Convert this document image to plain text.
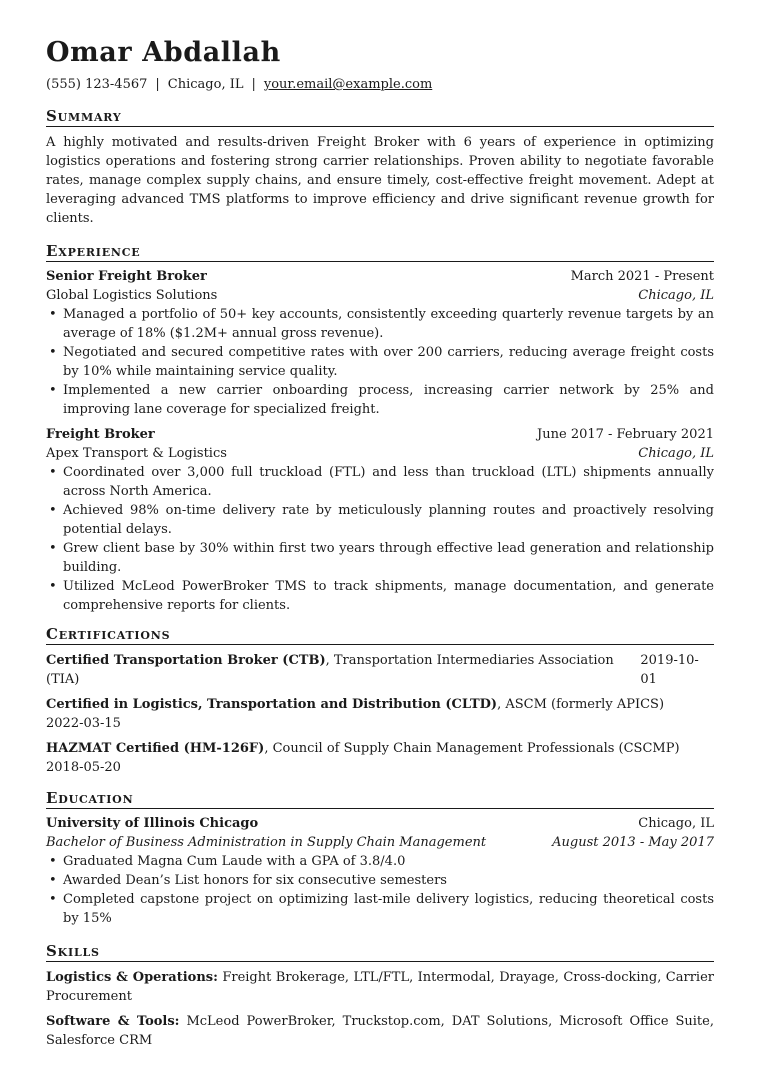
Omar Abdallah
(555) 123-4567 | Chicago, IL | your.email@example.com
Summary

A highly motivated and results-driven Freight Broker with 6 years of experience in optimizing logistics operations and fostering strong carrier relationships. Proven ability to negotiate favorable rates, manage complex supply chains, and ensure timely, cost-effective freight movement. Adept at leveraging advanced TMS platforms to improve efficiency and drive significant revenue growth for clients.

Experience
Senior Freight Broker	March 2021 - Present
Global Logistics Solutions	Chicago, IL
• Managed a portfolio of 50+ key accounts, consistently exceeding quarterly revenue targets by an average of 18% ($1.2M+ annual gross revenue).
• Negotiated and secured competitive rates with over 200 carriers, reducing average freight costs by 10% while maintaining service quality.
• Implemented a new carrier onboarding process, increasing carrier network by 25% and improving lane coverage for specialized freight.
Freight Broker	June 2017 - February 2021
Apex Transport & Logistics	Chicago, IL
• Coordinated over 3,000 full truckload (FTL) and less than truckload (LTL) shipments annually across North America.
• Achieved 98% on-time delivery rate by meticulously planning routes and proactively resolving potential delays.
• Grew client base by 30% within first two years through effective lead generation and relationship building.
• Utilized McLeod PowerBroker TMS to track shipments, manage documentation, and generate comprehensive reports for clients.
Certifications
Certified Transportation Broker (CTB), Transportation Intermediaries Association (TIA)
2019-10-01
Certified in Logistics, Transportation and Distribution (CLTD), ASCM (formerly APICS)
2022-03-15
HAZMAT Certified (HM-126F), Council of Supply Chain Management Professionals (CSCMP)
2018-05-20
Education
University of Illinois Chicago	Chicago, IL
Bachelor of Business Administration in Supply Chain Management	August 2013 - May 2017
• Graduated Magna Cum Laude with a GPA of 3.8/4.0
• Awarded Dean’s List honors for six consecutive semesters
• Completed capstone project on optimizing last-mile delivery logistics, reducing theoretical costs by 15%
Skills
Logistics & Operations: Freight Brokerage, LTL/FTL, Intermodal, Drayage, Cross-docking, Carrier Procurement
Software & Tools: McLeod PowerBroker, Truckstop.com, DAT Solutions, Microsoft Office Suite, Salesforce CRM
